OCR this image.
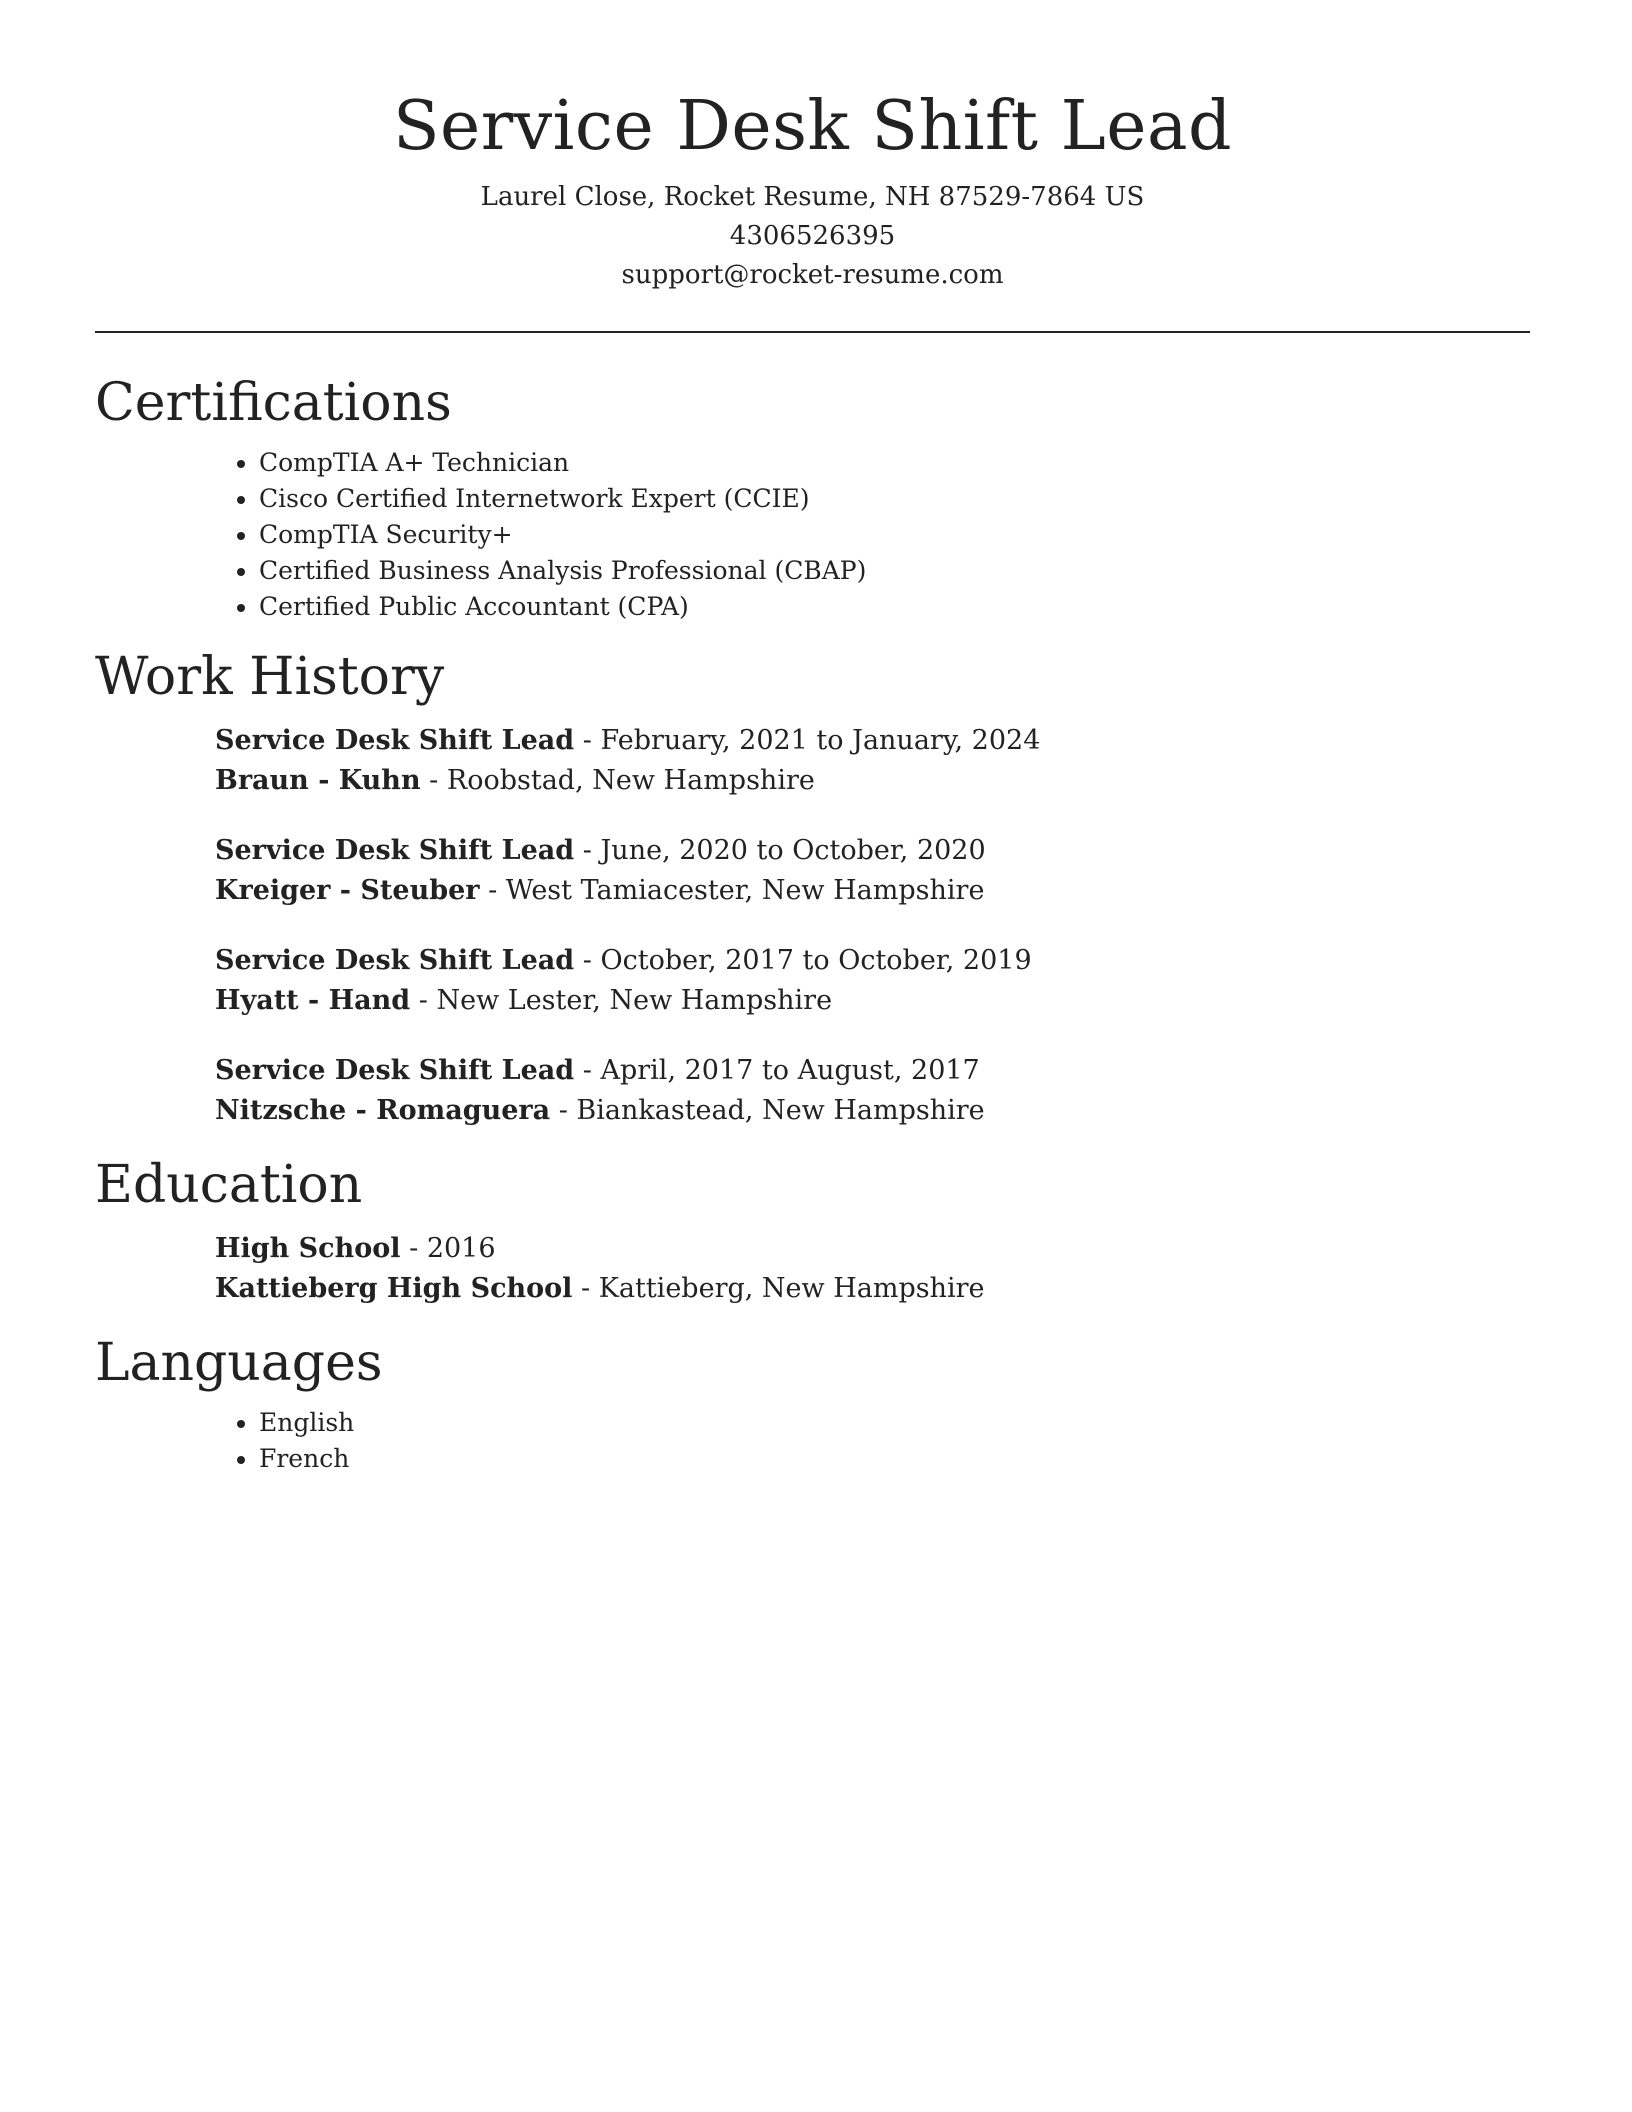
Service Desk Shift Lead
Laurel Close, Rocket Resume, NH 87529-7864 US
4306526395
support@rocket-resume.com
Certifications
• CompTIA A+ Technician
• Cisco Certified Internetwork Expert (CCIE)
• CompTIA Security+
• Certified Business Analysis Professional (CBAP)
• Certified Public Accountant (CPA)
Work History
Service Desk Shift Lead - February, 2021 to January, 2024
Braun - Kuhn - Roobstad, New Hampshire
Service Desk Shift Lead - June, 2020 to October, 2020
Kreiger - Steuber - West Tamiacester, New Hampshire
Service Desk Shift Lead - October, 2017 to October, 2019
Hyatt - Hand - New Lester, New Hampshire
Service Desk Shift Lead - April, 2017 to August, 2017
Nitzsche - Romaguera - Biankastead, New Hampshire
Education
High School - 2016
Kattieberg High School - Kattieberg, New Hampshire
Languages
• English
• French
